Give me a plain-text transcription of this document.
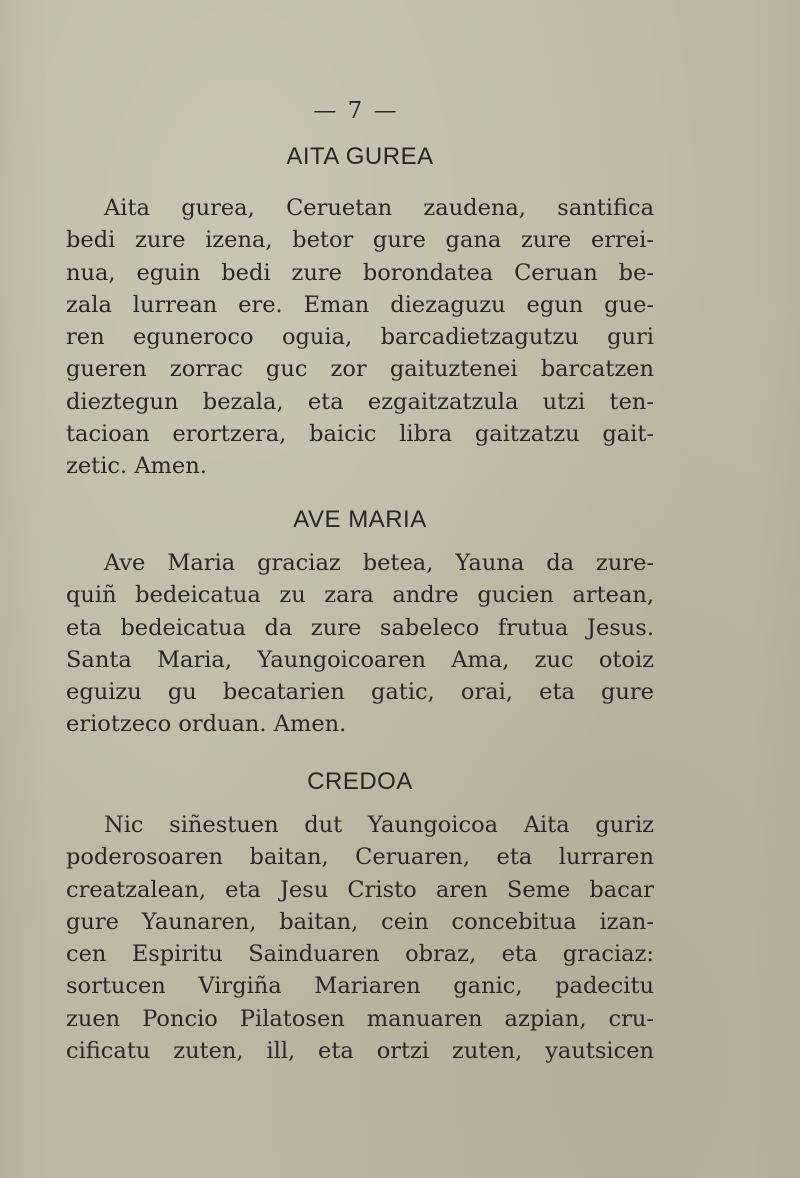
— 7 —
AITA GUREA
Aita gurea, Ceruetan zaudena, santifica
bedi zure izena, betor gure gana zure errei-
nua, eguin bedi zure borondatea Ceruan be-
zala lurrean ere. Eman diezaguzu egun gue-
ren eguneroco oguia, barcadietzagutzu guri
gueren zorrac guc zor gaituztenei barcatzen
dieztegun bezala, eta ezgaitzatzula utzi ten-
tacioan erortzera, baicic libra gaitzatzu gait-
zetic. Amen.
AVE MARIA
Ave Maria graciaz betea, Yauna da zure-
quiñ bedeicatua zu zara andre gucien artean,
eta bedeicatua da zure sabeleco frutua Jesus.
Santa Maria, Yaungoicoaren Ama, zuc otoiz
eguizu gu becatarien gatic, orai, eta gure
eriotzeco orduan. Amen.
CREDOA
Nic siñestuen dut Yaungoicoa Aita guriz
poderosoaren baitan, Ceruaren, eta lurraren
creatzalean, eta Jesu Cristo aren Seme bacar
gure Yaunaren, baitan, cein concebitua izan-
cen Espiritu Sainduaren obraz, eta graciaz:
sortucen Virgiña Mariaren ganic, padecitu
zuen Poncio Pilatosen manuaren azpian, cru-
cificatu zuten, ill, eta ortzi zuten, yautsicen
